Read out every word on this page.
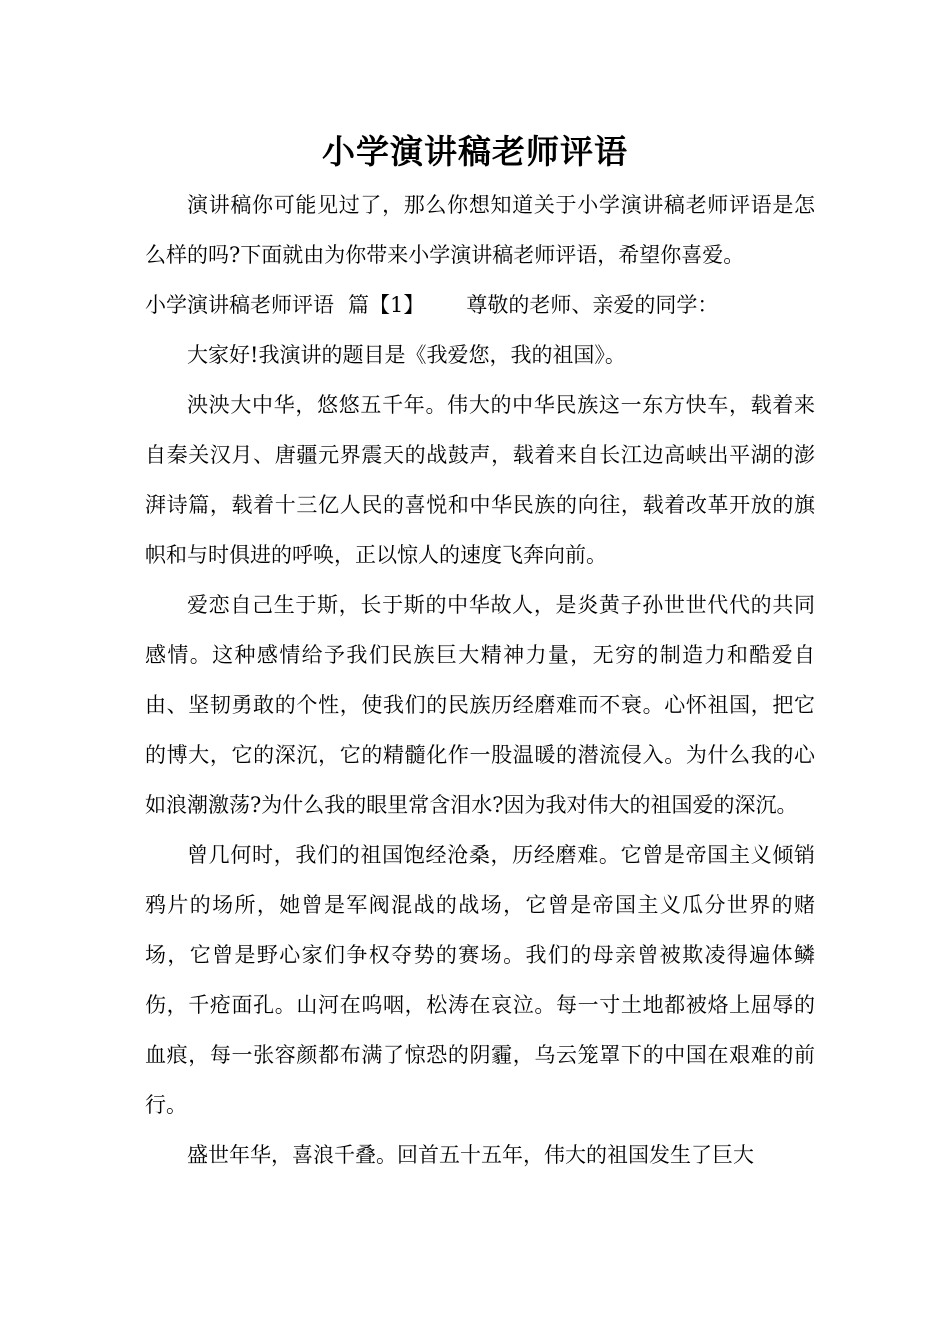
小学演讲稿老师评语

演讲稿你可能见过了，那么你想知道关于小学演讲稿老师评语是怎么样的吗?下面就由为你带来小学演讲稿老师评语，希望你喜爱。

小学演讲稿老师评语 篇【1】 尊敬的老师、亲爱的同学：

大家好!我演讲的题目是《我爱您，我的祖国》。

泱泱大中华，悠悠五千年。伟大的中华民族这一东方快车，载着来自秦关汉月、唐疆元界震天的战鼓声，载着来自长江边高峡出平湖的澎湃诗篇，载着十三亿人民的喜悦和中华民族的向往，载着改革开放的旗帜和与时俱进的呼唤，正以惊人的速度飞奔向前。

爱恋自己生于斯，长于斯的中华故人，是炎黄子孙世世代代的共同感情。这种感情给予我们民族巨大精神力量，无穷的制造力和酷爱自由、坚韧勇敢的个性，使我们的民族历经磨难而不衰。心怀祖国，把它的博大，它的深沉，它的精髓化作一股温暖的潜流侵入。为什么我的心如浪潮激荡?为什么我的眼里常含泪水?因为我对伟大的祖国爱的深沉。

曾几何时，我们的祖国饱经沧桑，历经磨难。它曾是帝国主义倾销鸦片的场所，她曾是军阀混战的战场，它曾是帝国主义瓜分世界的赌场，它曾是野心家们争权夺势的赛场。我们的母亲曾被欺凌得遍体鳞伤，千疮面孔。山河在呜咽，松涛在哀泣。每一寸土地都被烙上屈辱的血痕，每一张容颜都布满了惊恐的阴霾，乌云笼罩下的中国在艰难的前行。

盛世年华，喜浪千叠。回首五十五年，伟大的祖国发生了巨大
